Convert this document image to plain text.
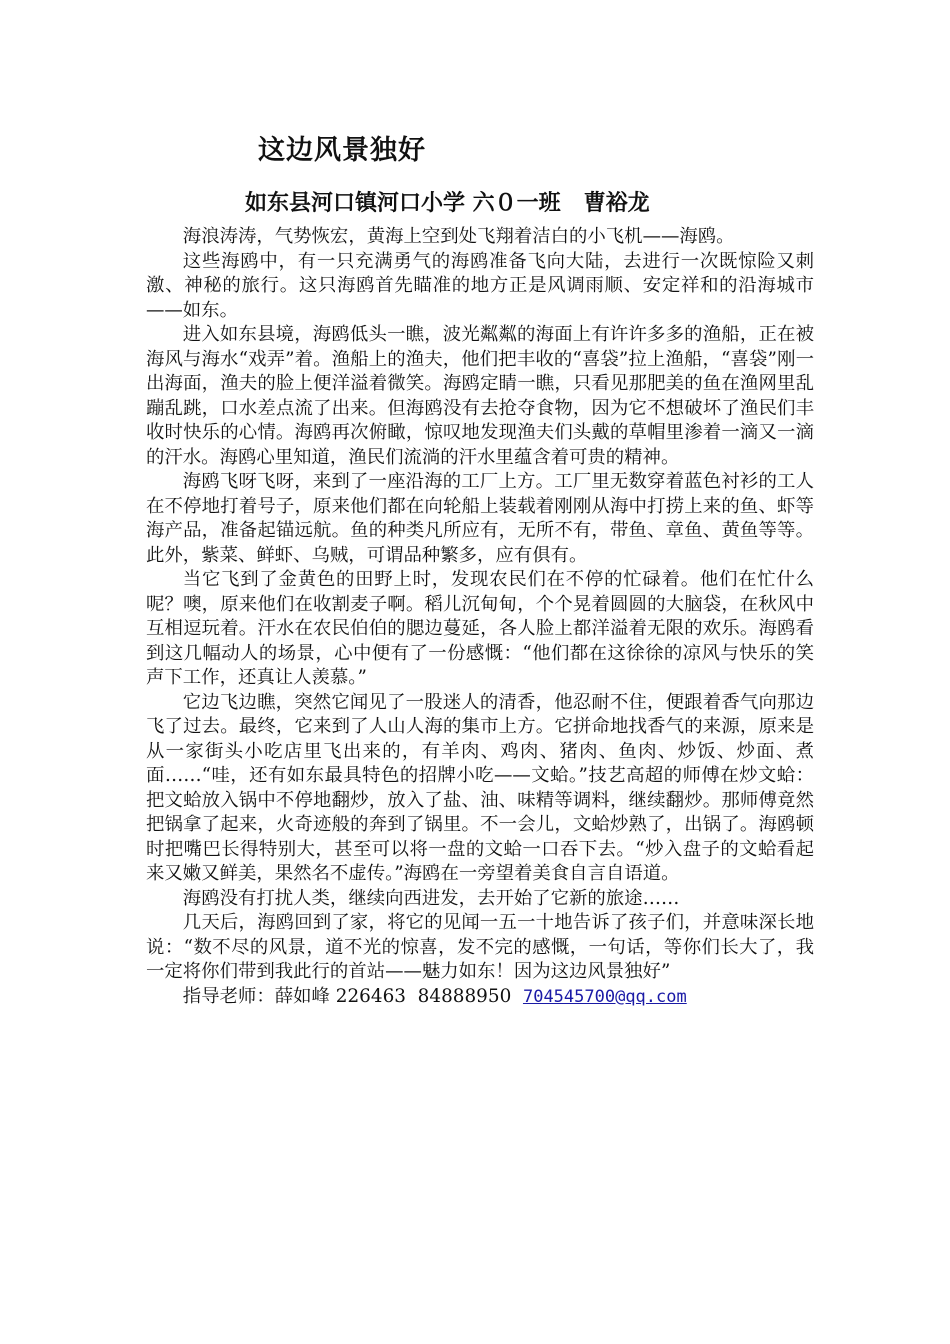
这边风景独好
如东县河口镇河口小学 六０一班   曹裕龙

海浪涛涛，气势恢宏，黄海上空到处飞翔着洁白的小飞机——海鸥。

这些海鸥中，有一只充满勇气的海鸥准备飞向大陆，去进行一次既惊险又刺激、神秘的旅行。这只海鸥首先瞄准的地方正是风调雨顺、安定祥和的沿海城市——如东。

进入如东县境，海鸥低头一瞧，波光粼粼的海面上有许许多多的渔船，正在被海风与海水“戏弄”着。渔船上的渔夫，他们把丰收的“喜袋”拉上渔船，“喜袋”刚一出海面，渔夫的脸上便洋溢着微笑。海鸥定睛一瞧，只看见那肥美的鱼在渔网里乱蹦乱跳，口水差点流了出来。但海鸥没有去抢夺食物，因为它不想破坏了渔民们丰收时快乐的心情。海鸥再次俯瞰，惊叹地发现渔夫们头戴的草帽里渗着一滴又一滴的汗水。海鸥心里知道，渔民们流淌的汗水里蕴含着可贵的精神。

海鸥飞呀飞呀，来到了一座沿海的工厂上方。工厂里无数穿着蓝色衬衫的工人在不停地打着号子，原来他们都在向轮船上装载着刚刚从海中打捞上来的鱼、虾等海产品，准备起锚远航。鱼的种类凡所应有，无所不有，带鱼、章鱼、黄鱼等等。此外，紫菜、鲜虾、乌贼，可谓品种繁多，应有俱有。

当它飞到了金黄色的田野上时，发现农民们在不停的忙碌着。他们在忙什么呢？噢，原来他们在收割麦子啊。稻儿沉甸甸，个个晃着圆圆的大脑袋，在秋风中互相逗玩着。汗水在农民伯伯的腮边蔓延，各人脸上都洋溢着无限的欢乐。海鸥看到这几幅动人的场景，心中便有了一份感慨：“他们都在这徐徐的凉风与快乐的笑声下工作，还真让人羡慕。”

它边飞边瞧，突然它闻见了一股迷人的清香，他忍耐不住，便跟着香气向那边飞了过去。最终，它来到了人山人海的集市上方。它拼命地找香气的来源，原来是从一家街头小吃店里飞出来的，有羊肉、鸡肉、猪肉、鱼肉、炒饭、炒面、煮面……“哇，还有如东最具特色的招牌小吃——文蛤。”技艺高超的师傅在炒文蛤：把文蛤放入锅中不停地翻炒，放入了盐、油、味精等调料，继续翻炒。那师傅竟然把锅拿了起来，火奇迹般的奔到了锅里。不一会儿，文蛤炒熟了，出锅了。海鸥顿时把嘴巴长得特别大，甚至可以将一盘的文蛤一口吞下去。“炒入盘子的文蛤看起来又嫩又鲜美，果然名不虚传。”海鸥在一旁望着美食自言自语道。

海鸥没有打扰人类，继续向西进发，去开始了它新的旅途……

几天后，海鸥回到了家，将它的见闻一五一十地告诉了孩子们，并意味深长地说：“数不尽的风景，道不光的惊喜，发不完的感慨，一句话，等你们长大了，我一定将你们带到我此行的首站——魅力如东！因为这边风景独好”

指导老师：薛如峰 226463  84888950  704545700@qq.com
